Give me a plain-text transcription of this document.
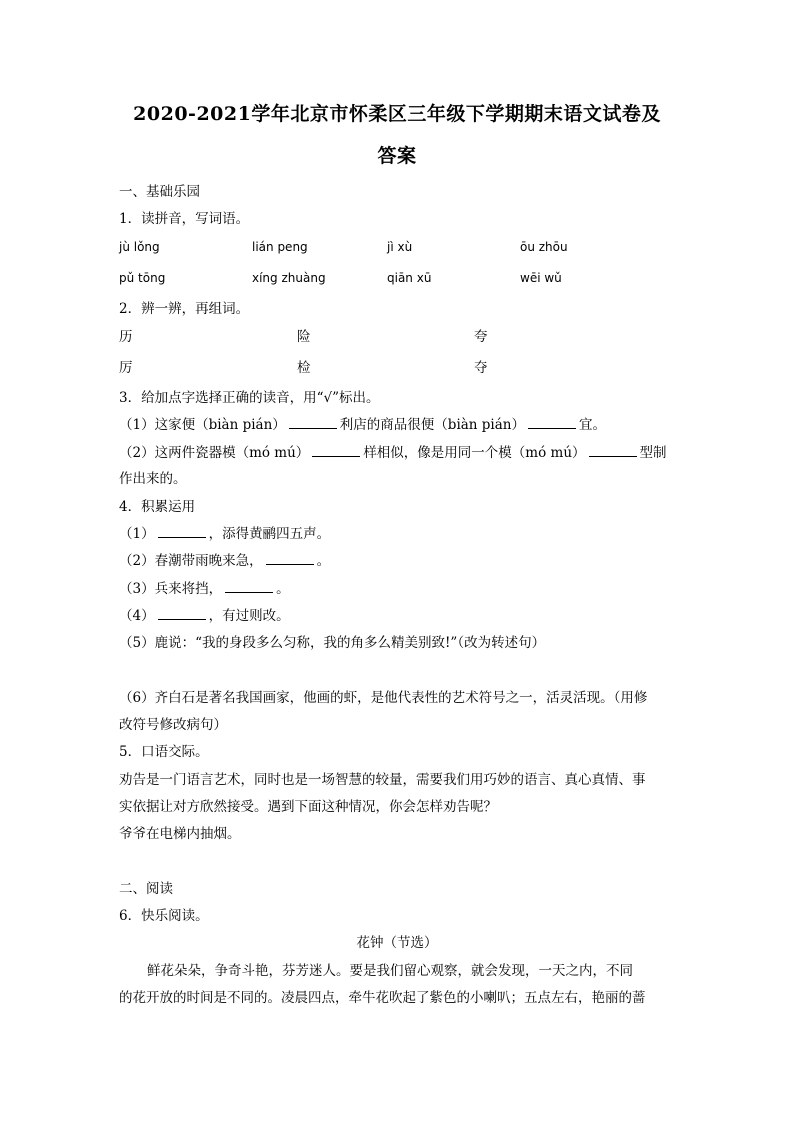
2020-2021学年北京市怀柔区三年级下学期期末语文试卷及
答案
一、基础乐园
1．读拼音，写词语。
jù lǒng	lián peng	jì xù	ōu zhōu
pǔ tōng	xíng zhuàng	qiān xū	wēi wǔ
2．辨一辨，再组词。
历	险	夸
厉	检	夺
3．给加点字选择正确的读音，用“√”标出。
（1）这家便（biàn pián）	利店的商品很便（biàn pián）	宜。
（2）这两件瓷器模（mó mú）	样相似，像是用同一个模（mó mú）	型制
作出来的。
4．积累运用
（1）	，添得黄鹂四五声。
（2）春潮带雨晚来急，	。
（3）兵来将挡，	。
（4）	，有过则改。
（5）鹿说：“我的身段多么匀称，我的角多么精美别致!”（改为转述句）
（6）齐白石是著名我国画家，他画的虾，是他代表性的艺术符号之一，活灵活现。（用修
改符号修改病句）
5．口语交际。
劝告是一门语言艺术，同时也是一场智慧的较量，需要我们用巧妙的语言、真心真情、事
实依据让对方欣然接受。遇到下面这种情况，你会怎样劝告呢？
爷爷在电梯内抽烟。
二、阅读
6．快乐阅读。
花钟（节选）
鲜花朵朵，争奇斗艳，芬芳迷人。要是我们留心观察，就会发现，一天之内，不同
的花开放的时间是不同的。凌晨四点，牵牛花吹起了紫色的小喇叭；五点左右，艳丽的蔷
